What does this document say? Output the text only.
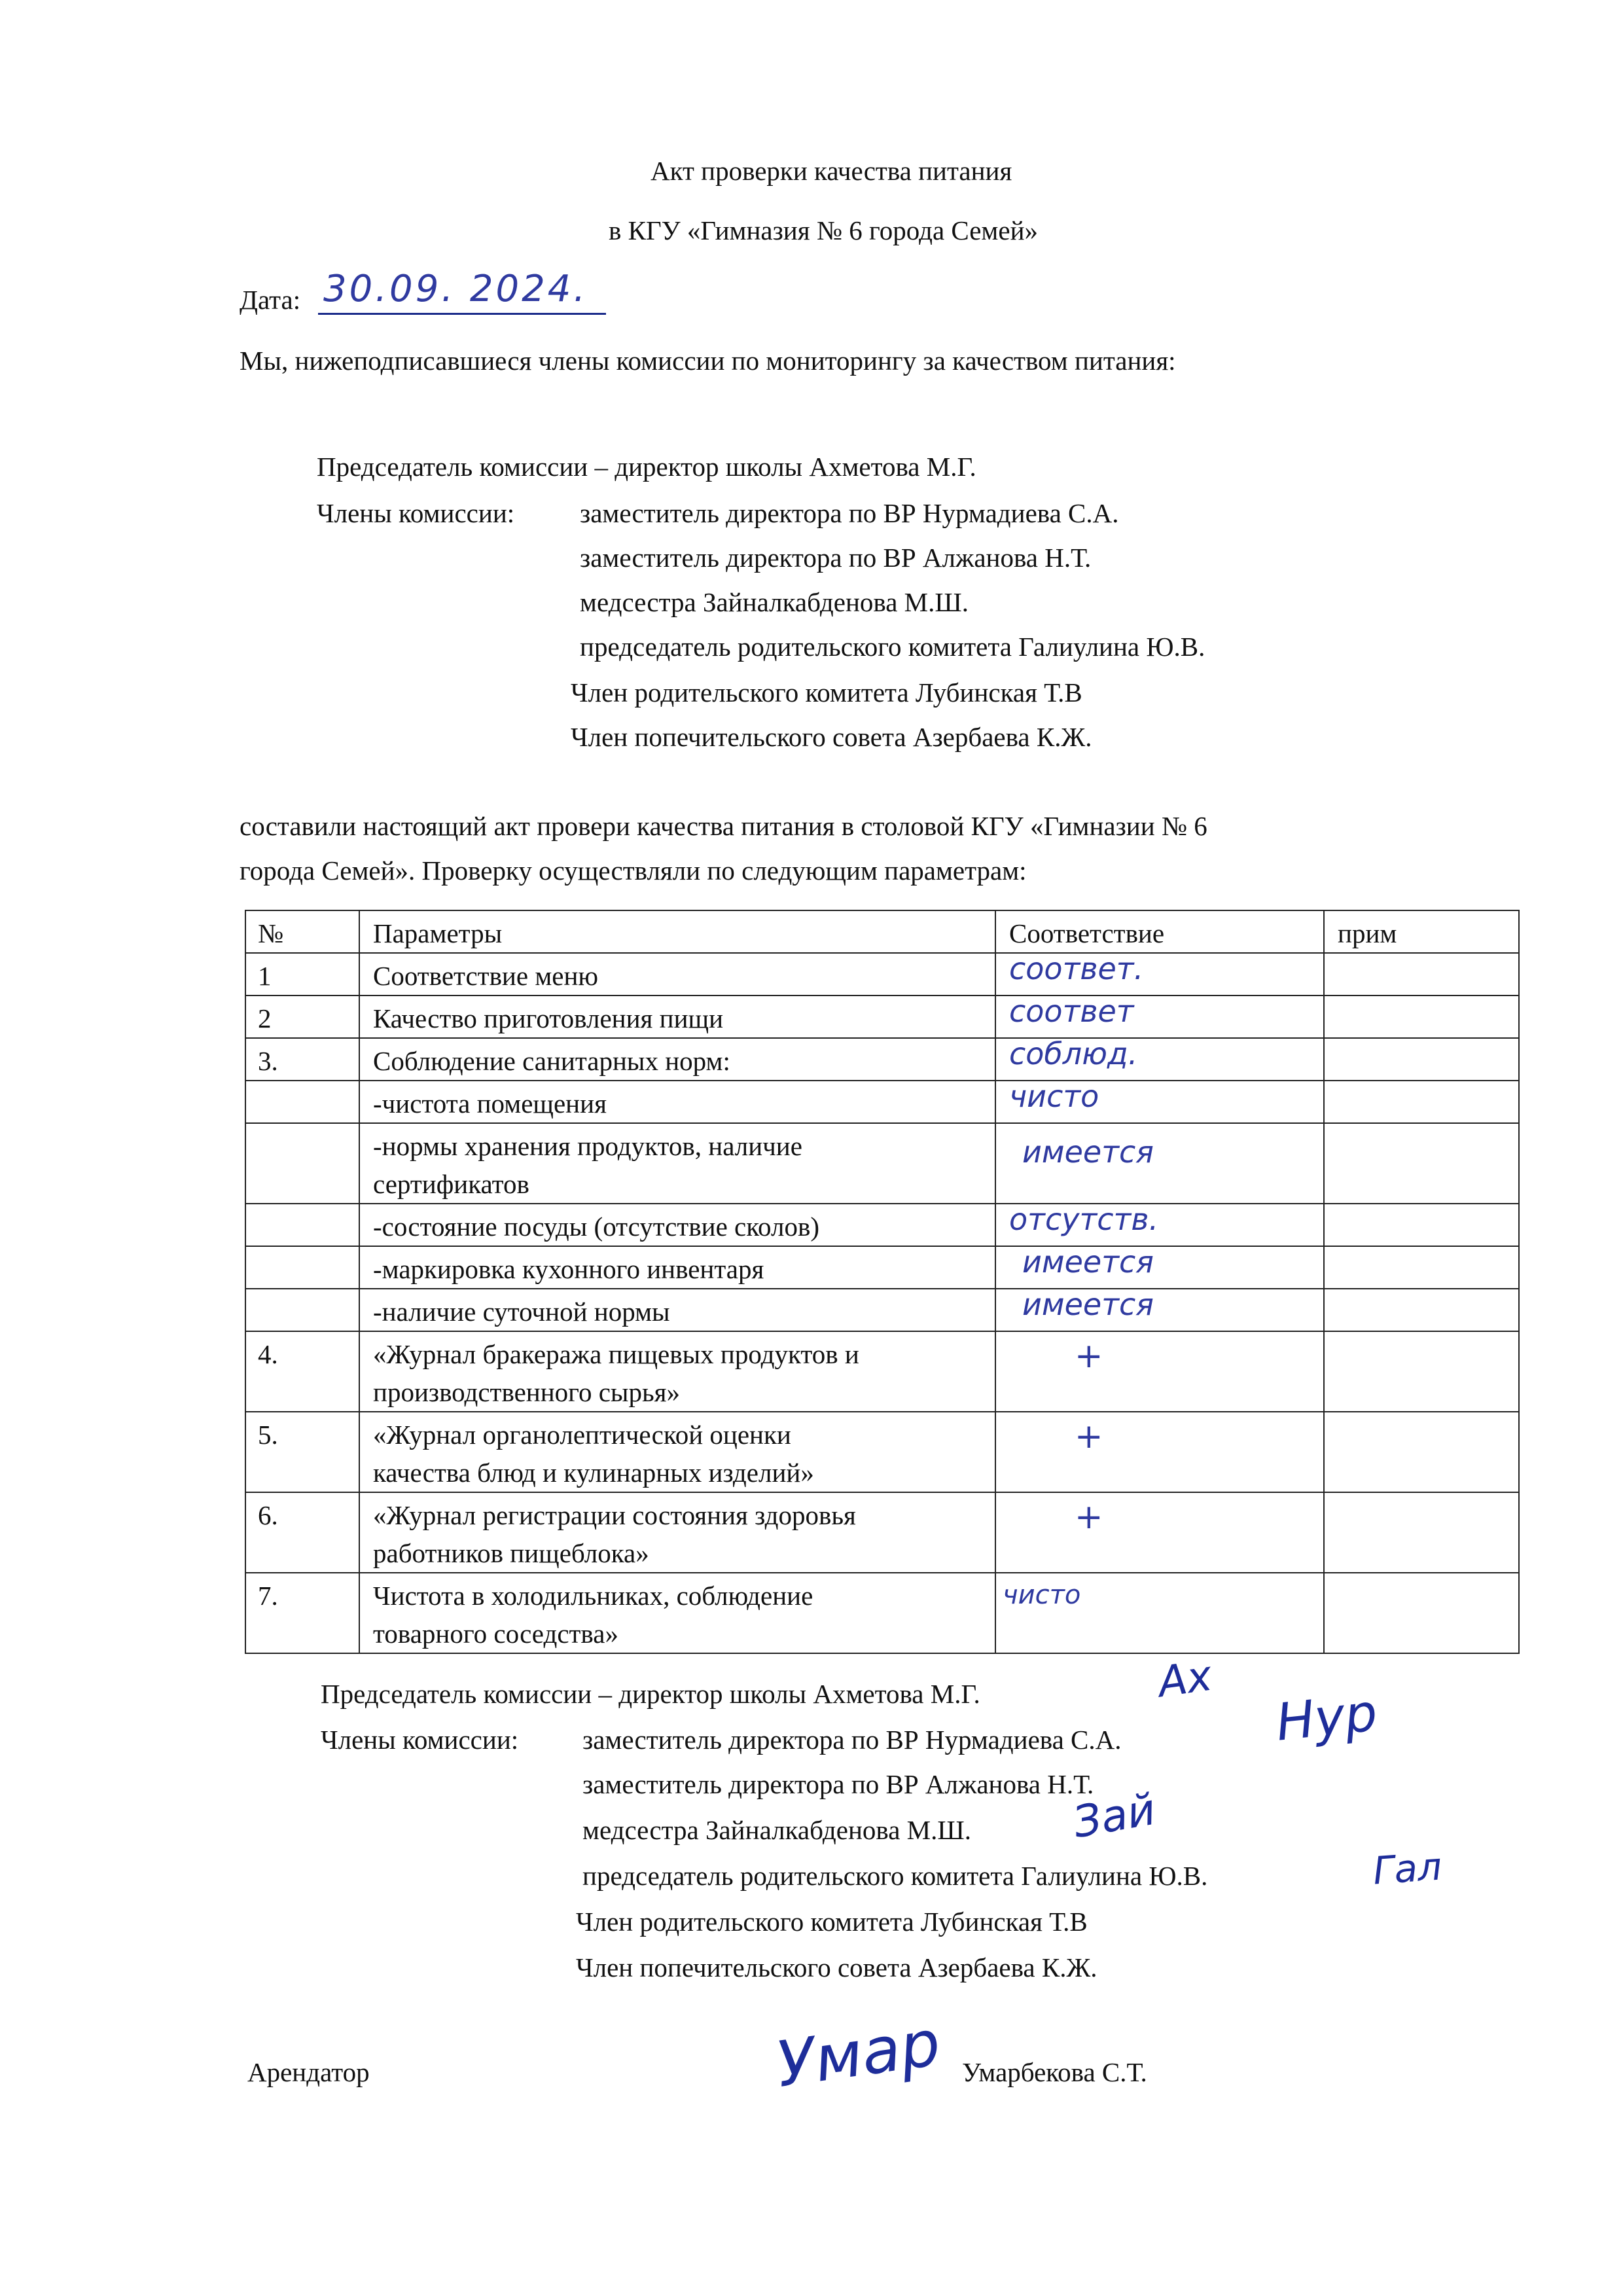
Акт проверки качества питания
в КГУ «Гимназия № 6 города Семей»
Дата: 30.09. 2024.
Мы, нижеподписавшиеся члены комиссии по мониторингу за качеством питания:
Председатель комиссии – директор школы Ахметова М.Г.
Члены комиссии: заместитель директора по ВР Нурмадиева С.А.
заместитель директора по ВР Алжанова Н.Т.
медсестра Зайналкабденова М.Ш.
председатель родительского комитета Галиулина Ю.В.
Член родительского комитета Лубинская Т.В
Член попечительского совета Азербаева К.Ж.
составили настоящий акт провери качества питания в столовой КГУ «Гимназии № 6
города Семей». Проверку осуществляли по следующим параметрам:
№	Параметры	Соответствие	прим
1	Соответствие меню	соответ.	

2	Качество приготовления пищи	соответ	

3.	Соблюдение санитарных норм:	соблюд.	

	-чистота помещения	чисто	

	-нормы хранения продуктов, наличие
сертификатов	имеется	

	-состояние посуды (отсутствие сколов)	отсутств.	

	-маркировка кухонного инвентаря	имеется	

	-наличие суточной нормы	имеется	

4.	«Журнал бракеража пищевых продуктов и
производственного сырья»	+	

5.	«Журнал органолептической оценки
качества блюд и кулинарных изделий»	+	

6.	«Журнал регистрации состояния здоровья
работников пищеблока»	+	

7.	Чистота в холодильниках, соблюдение
товарного соседства»	чисто	

Председатель комиссии – директор школы Ахметова М.Г.
Члены комиссии: заместитель директора по ВР Нурмадиева С.А.
заместитель директора по ВР Алжанова Н.Т.
медсестра Зайналкабденова М.Ш.
председатель родительского комитета Галиулина Ю.В.
Член родительского комитета Лубинская Т.В
Член попечительского совета Азербаева К.Ж.
Арендатор	Умарбекова С.Т.
Ах
Нур
Зай
Гал
Умар
